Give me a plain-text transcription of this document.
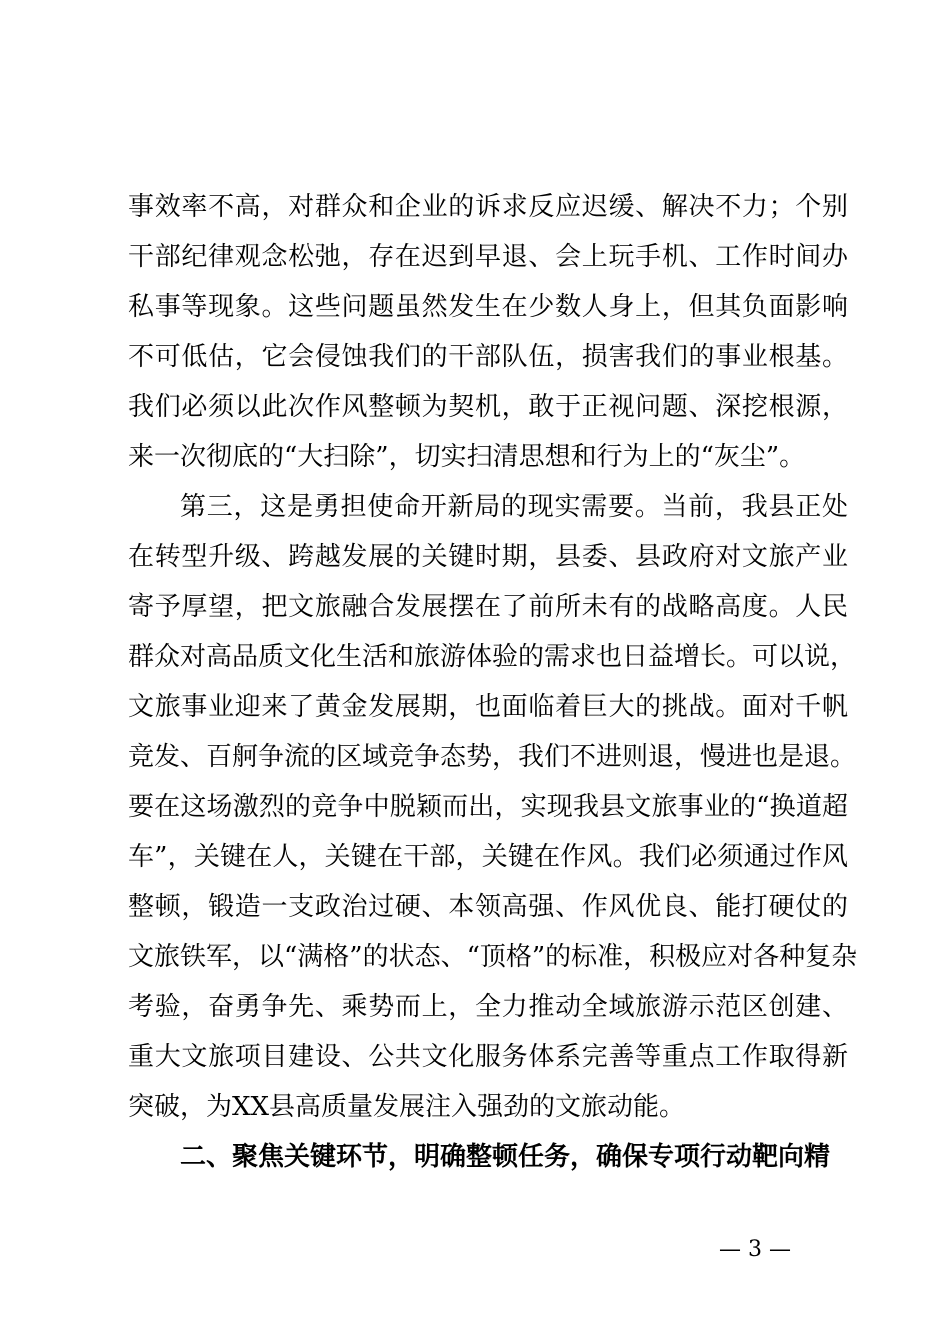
事效率不高，对群众和企业的诉求反应迟缓、解决不力；个别
干部纪律观念松弛，存在迟到早退、会上玩手机、工作时间办
私事等现象。这些问题虽然发生在少数人身上，但其负面影响
不可低估，它会侵蚀我们的干部队伍，损害我们的事业根基。
我们必须以此次作风整顿为契机，敢于正视问题、深挖根源，
来一次彻底的“大扫除”，切实扫清思想和行为上的“灰尘”。
第三，这是勇担使命开新局的现实需要。当前，我县正处
在转型升级、跨越发展的关键时期，县委、县政府对文旅产业
寄予厚望，把文旅融合发展摆在了前所未有的战略高度。人民
群众对高品质文化生活和旅游体验的需求也日益增长。可以说，
文旅事业迎来了黄金发展期，也面临着巨大的挑战。面对千帆
竞发、百舸争流的区域竞争态势，我们不进则退，慢进也是退。
要在这场激烈的竞争中脱颖而出，实现我县文旅事业的“换道超
车”，关键在人，关键在干部，关键在作风。我们必须通过作风
整顿，锻造一支政治过硬、本领高强、作风优良、能打硬仗的
文旅铁军，以“满格”的状态、“顶格”的标准，积极应对各种复杂
考验，奋勇争先、乘势而上，全力推动全域旅游示范区创建、
重大文旅项目建设、公共文化服务体系完善等重点工作取得新
突破，为XX县高质量发展注入强劲的文旅动能。
二、聚焦关键环节，明确整顿任务，确保专项行动靶向精
— 3 —
